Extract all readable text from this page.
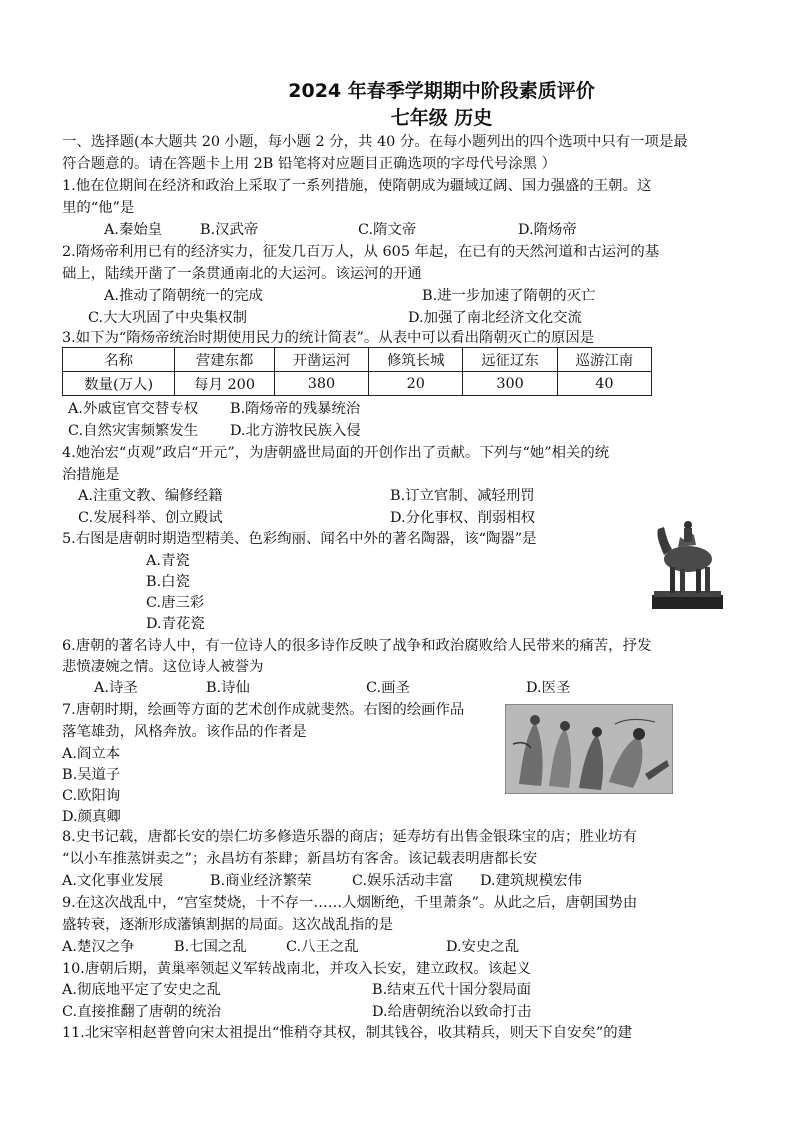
2024 年春季学期期中阶段素质评价
七年级 历史
一、选择题(本大题共 20 小题，每小题 2 分，共 40 分。在每小题列出的四个选项中只有一项是最
符合题意的。请在答题卡上用 2B 铅笔将对应题目正确选项的字母代号涂黑 ）
1.他在位期间在经济和政治上采取了一系列措施，使隋朝成为疆域辽阔、国力强盛的王朝。这
里的“他”是
A.秦始皇	B.汉武帝	C.隋文帝	D.隋炀帝
2.隋炀帝利用已有的经济实力，征发几百万人，从 605 年起，在已有的天然河道和古运河的基
础上，陆续开凿了一条贯通南北的大运河。该运河的开通
A.推动了隋朝统一的完成	B.进一步加速了隋朝的灭亡
C.大大巩固了中央集权制	D.加强了南北经济文化交流
3.如下为“隋炀帝统治时期使用民力的统计简表”。从表中可以看出隋朝灭亡的原因是
名称	营建东都	开凿运河	修筑长城	远征辽东	巡游江南
数量(万人)	每月 200	380	20	300	40
A.外戚宦官交替专权 B.隋炀帝的残暴统治
C.自然灾害频繁发生 D.北方游牧民族入侵
4.她治宏“贞观”政启“开元”，为唐朝盛世局面的开创作出了贡献。下列与“她”相关的统
治措施是
A.注重文教、编修经籍	B.订立官制、减轻刑罚
C.发展科举、创立殿试	D.分化事权、削弱相权
5.右图是唐朝时期造型精美、色彩绚丽、闻名中外的著名陶器，该“陶器”是
A.青瓷
B.白瓷
C.唐三彩
D.青花瓷
6.唐朝的著名诗人中，有一位诗人的很多诗作反映了战争和政治腐败给人民带来的痛苦，抒发
悲愤凄婉之情。这位诗人被誉为
A.诗圣	B.诗仙	C.画圣	D.医圣
7.唐朝时期，绘画等方面的艺术创作成就斐然。右图的绘画作品
落笔雄劲，风格奔放。该作品的作者是
A.阎立本
B.吴道子
C.欧阳询
D.颜真卿
8.史书记载，唐都长安的崇仁坊多修造乐器的商店；延寿坊有出售金银珠宝的店；胜业坊有
“以小车推蒸饼卖之”；永昌坊有茶肆；新昌坊有客舍。该记载表明唐都长安
A.文化事业发展	B.商业经济繁荣	C.娱乐活动丰富 D.建筑规模宏伟
9.在这次战乱中，“宫室焚烧，十不存一……人烟断绝，千里萧条”。从此之后，唐朝国势由
盛转衰，逐渐形成藩镇割据的局面。这次战乱指的是
A.楚汉之争	B.七国之乱	C.八王之乱	D.安史之乱
10.唐朝后期，黄巢率领起义军转战南北，并攻入长安，建立政权。该起义
A.彻底地平定了安史之乱	B.结束五代十国分裂局面
C.直接推翻了唐朝的统治	D.给唐朝统治以致命打击
11.北宋宰相赵普曾向宋太祖提出“惟稍夺其权，制其钱谷，收其精兵，则天下自安矣”的建
